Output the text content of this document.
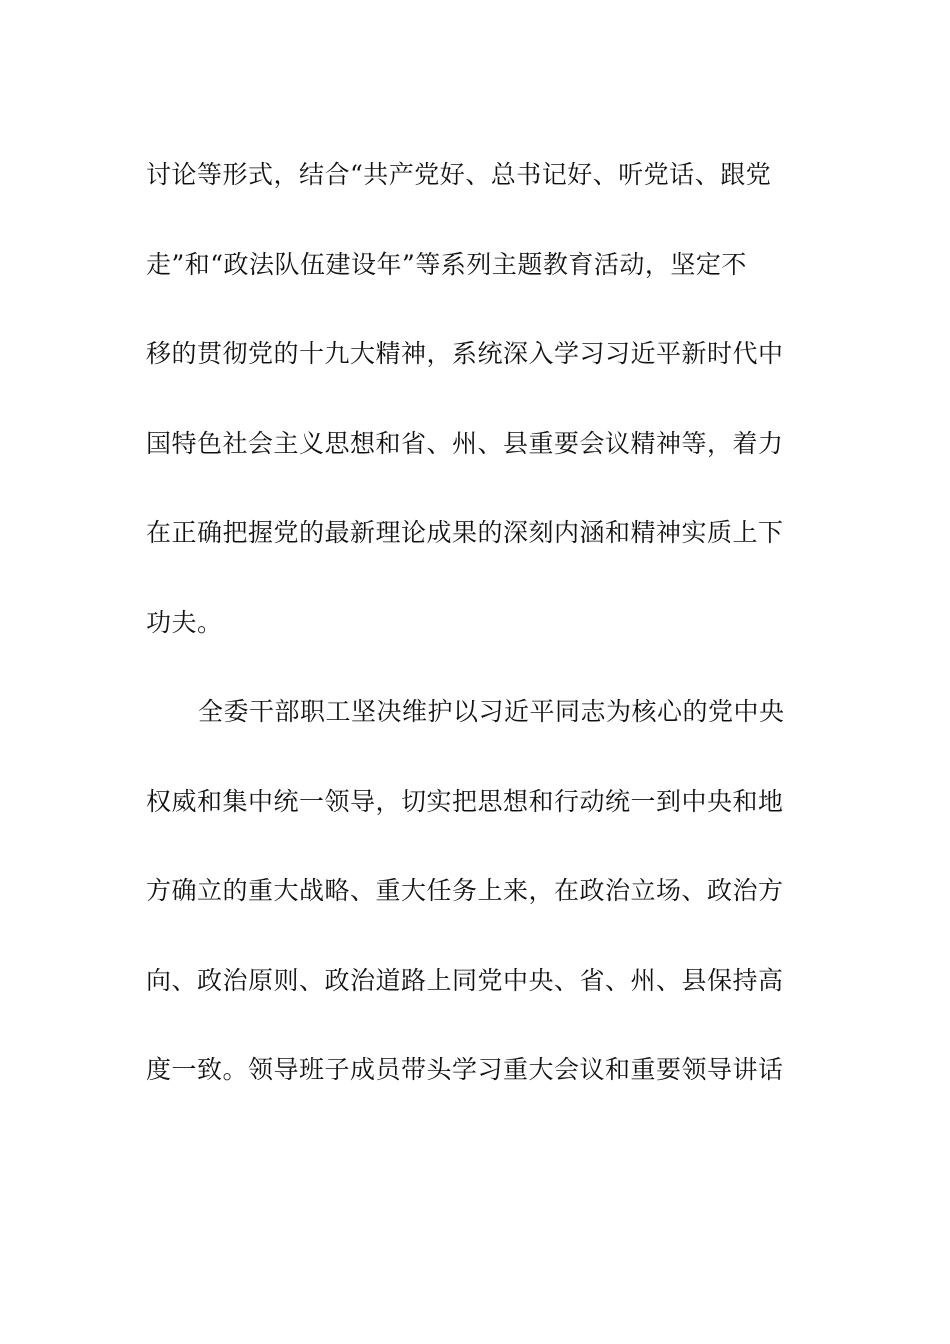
讨论等形式，结合“共产党好、总书记好、听党话、跟党
走”和“政法队伍建设年”等系列主题教育活动，坚定不
移的贯彻党的十九大精神，系统深入学习习近平新时代中
国特色社会主义思想和省、州、县重要会议精神等，着力
在正确把握党的最新理论成果的深刻内涵和精神实质上下
功夫。
全委干部职工坚决维护以习近平同志为核心的党中央
权威和集中统一领导，切实把思想和行动统一到中央和地
方确立的重大战略、重大任务上来，在政治立场、政治方
向、政治原则、政治道路上同党中央、省、州、县保持高
度一致。领导班子成员带头学习重大会议和重要领导讲话
